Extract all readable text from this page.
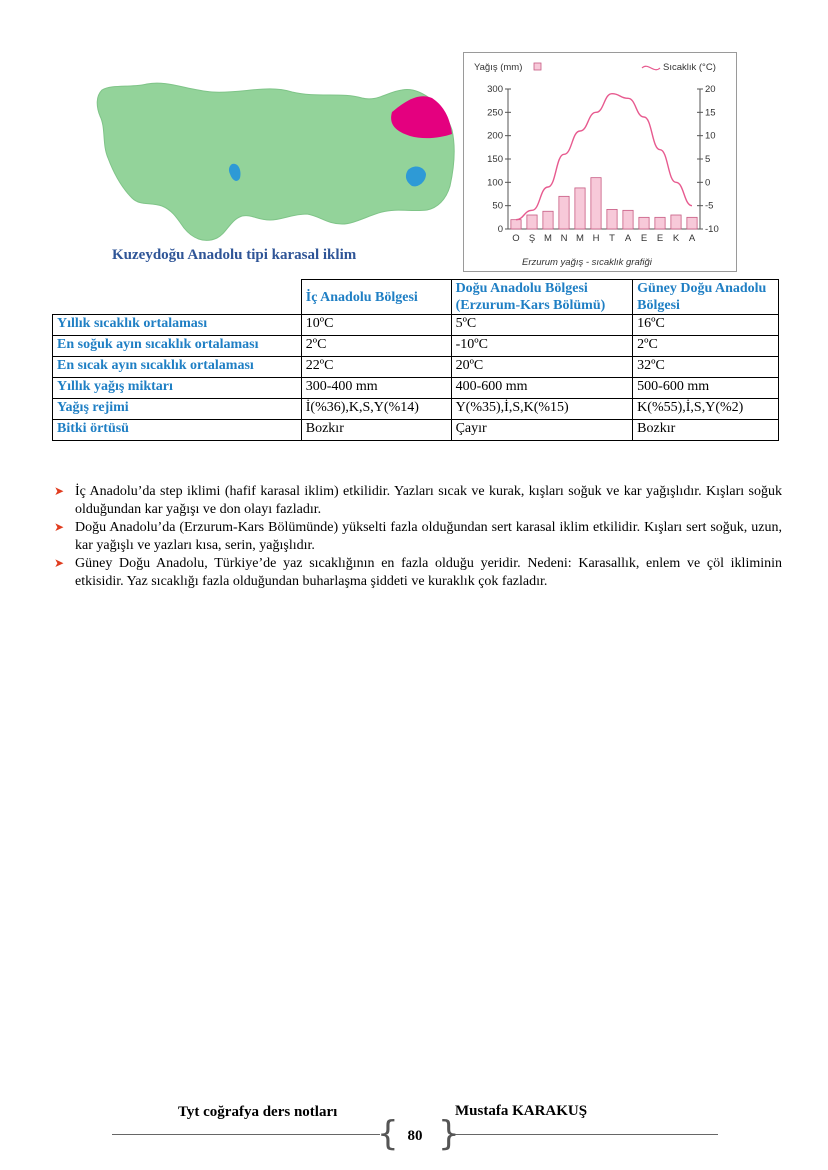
Kuzeydoğu Anadolu tipi karasal iklim
Yağış (mm)	Sıcaklık (°C)
Erzurum yağış - sıcaklık grafiği
0
50
100
150
200
250
300
-10
-5
0
5
10
15
20
O Ş M N M H T A E E K A
	İç Anadolu Bölgesi	Doğu Anadolu Bölgesi (Erzurum-Kars Bölümü)	Güney Doğu Anadolu Bölgesi

Yıllık sıcaklık ortalaması	10ºC	5ºC	16ºC
En soğuk ayın sıcaklık ortalaması	2ºC	-10ºC	2ºC
En sıcak ayın sıcaklık ortalaması	22ºC	20ºC	32ºC
Yıllık yağış miktarı	300-400 mm	400-600 mm	500-600 mm
Yağış rejimi	İ(%36),K,S,Y(%14)	Y(%35),İ,S,K(%15)	K(%55),İ,S,Y(%2)
Bitki örtüsü	Bozkır	Çayır	Bozkır
➤ İç Anadolu’da step iklimi (hafif karasal iklim) etkilidir. Yazları sıcak ve kurak, kışları soğuk ve kar yağışlıdır. Kışları soğuk olduğundan kar yağışı ve don olayı fazladır.
➤ Doğu Anadolu’da (Erzurum-Kars Bölümünde) yükselti fazla olduğundan sert karasal iklim etkilidir. Kışları sert soğuk, uzun, kar yağışlı ve yazları kısa, serin, yağışlıdır.
➤ Güney Doğu Anadolu, Türkiye’de yaz sıcaklığının en fazla olduğu yeridir. Nedeni: Karasallık, enlem ve çöl ikliminin etkisidir. Yaz sıcaklığı fazla olduğundan buharlaşma şiddeti ve kuraklık çok fazladır.
Tyt coğrafya ders notları	Mustafa KARAKUŞ
{ }
80
